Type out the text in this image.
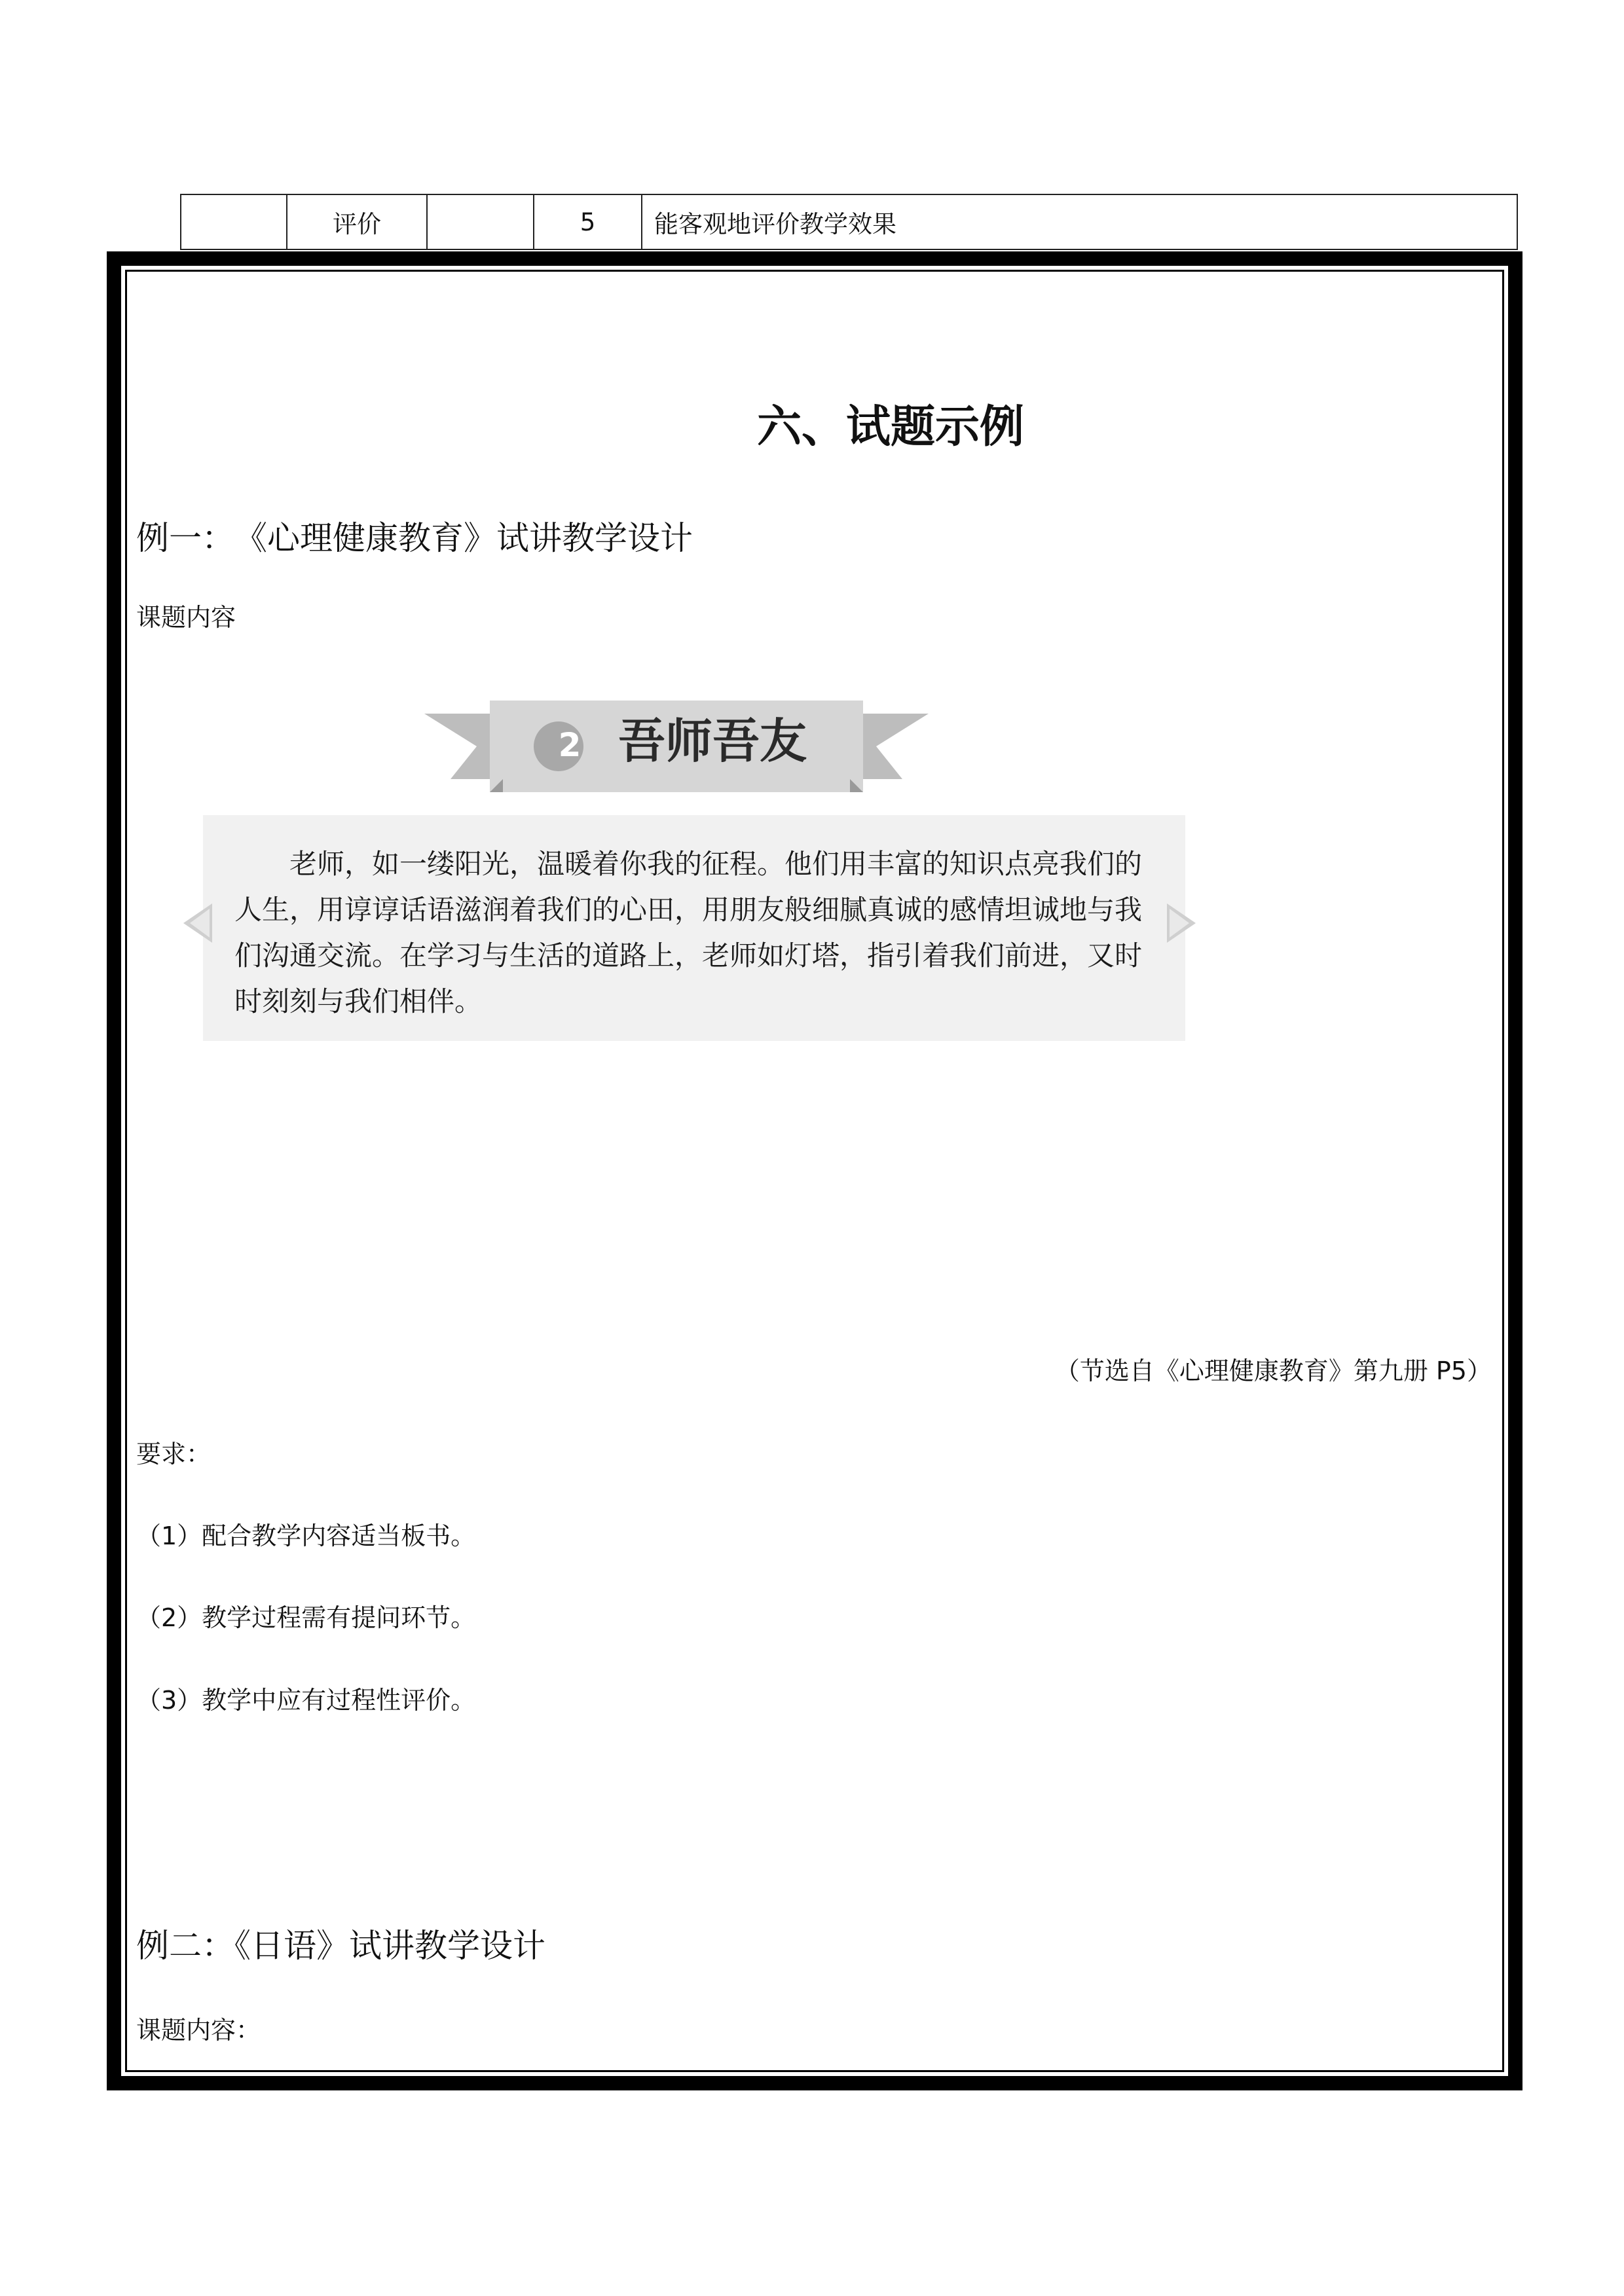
	评价		5	能客观地评价教学效果
六、试题示例
例一：　《心理健康教育》试讲教学设计
课题内容
2 吾师吾友
老师，如一缕阳光，温暖着你我的征程。他们用丰富的知识点亮我们的人生，用谆谆话语滋润着我们的心田，用朋友般细腻真诚的感情坦诚地与我们沟通交流。在学习与生活的道路上，老师如灯塔，指引着我们前进，又时时刻刻与我们相伴。
（节选自《心理健康教育》第九册 P5）
要求：
（1）配合教学内容适当板书。
（2）教学过程需有提问环节。
（3）教学中应有过程性评价。
例二：《日语》试讲教学设计
课题内容：
